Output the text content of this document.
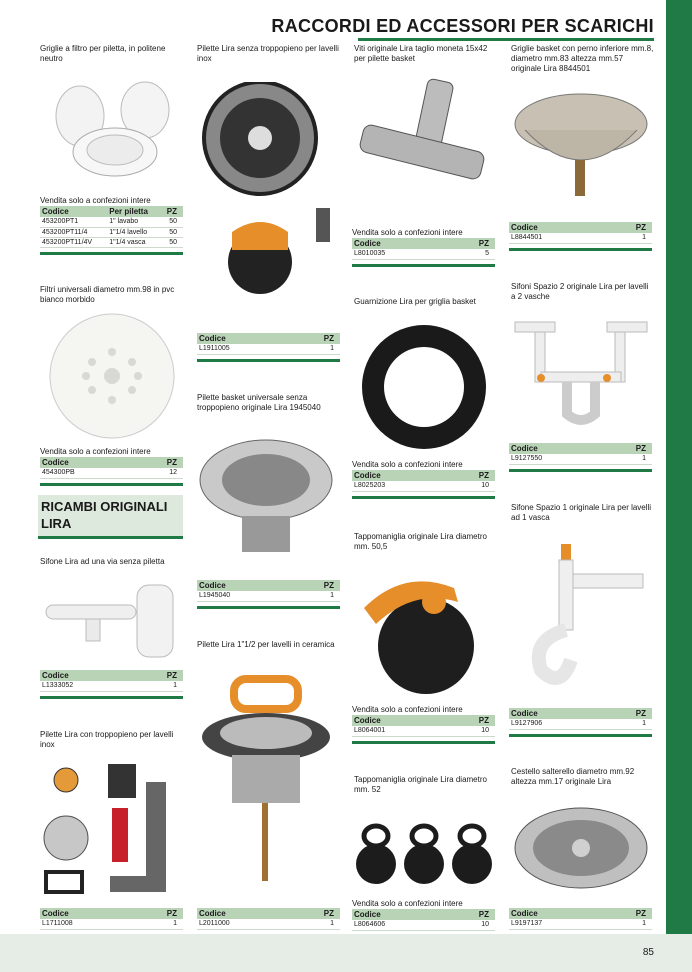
85
RACCORDI ED ACCESSORI PER SCARICHI
Griglie a filtro per piletta, in politene neutro
Vendita solo a confezioni intere
Codice	Per piletta	PZ
453200PT1	1" lavabo	50
453200PT11/4	1"1/4 lavello	50
453200PT11/4V	1"1/4 vasca	50
Filtri universali diametro mm.98 in pvc bianco morbido
Vendita solo a confezioni intere
Codice	PZ
454300PB	12
RICAMBI ORIGINALI LIRA
Sifone Lira ad una via senza piletta
Codice	PZ
L1333052	1
Pilette Lira con troppopieno per lavelli inox
Codice	PZ
L1711008	1
Pilette Lira senza troppopieno per lavelli inox
Codice	PZ
L1911005	1
Pilette basket universale senza troppopieno originale Lira 1945040
Codice	PZ
L1945040	1
Pilette Lira 1"1/2 per lavelli in ceramica
Codice	PZ
L2011000	1
Viti originale Lira taglio moneta 15x42 per pilette basket
Vendita solo a confezioni intere
Codice	PZ
L8010035	5
Guarnizione Lira per griglia basket
Vendita solo a confezioni intere
Codice	PZ
L8025203	10
Tappomaniglia originale Lira diametro mm. 50,5
Vendita solo a confezioni intere
Codice	PZ
L8064001	10
Tappomaniglia originale Lira diametro mm. 52
Vendita solo a confezioni intere
Codice	PZ
L8064606	10
Griglie basket con perno inferiore mm.8, diametro mm.83 altezza mm.57 originale Lira 8844501
Codice	PZ
L8844501	1
Sifoni Spazio 2 originale Lira per lavelli a 2 vasche
Codice	PZ
L9127550	1
Sifone Spazio 1 originale Lira per lavelli ad 1 vasca
Codice	PZ
L9127906	1
Cestello salterello diametro mm.92 altezza mm.17 originale Lira
Codice	PZ
L9197137	1
